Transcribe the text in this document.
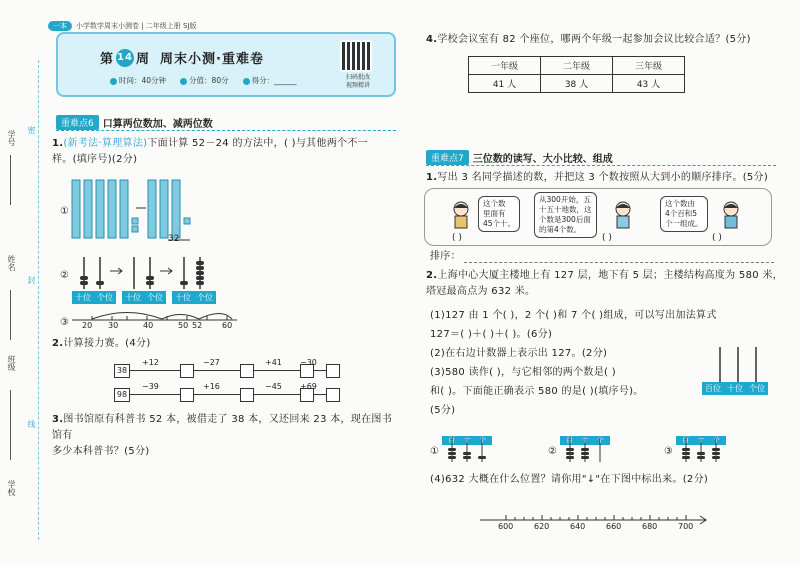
一本	小学数学周末小测卷 | 二年级上册 SJ版
学号
姓名
班级
学校
密
封
线
第 14 周 周末小测·重难卷
时间：40分钟	分值：80分	得分：______	扫码批改
视频精讲
重难点6 口算两位数加、减两位数
1.(新考法·算理算法)下面计算 52－24 的方法中，( )与其他两个不一
样。(填序号)(2分)
①
32
②
十位 个位 十位 个位 十位 个位
③ 20 30	40	50 52 60
2.计算接力赛。(4分)
38
+12	−27	+41 −30
98
−39	+16	−45 +69
3.图书馆原有科普书 52 本，被借走了 38 本，又还回来 23 本，现在图书馆有
多少本科普书？(5分)
4.学校会议室有 82 个座位，哪两个年级一起参加会议比较合适？(5分)
一年级	二年级	三年级
41 人	38 人	43 人
重难点7 三位数的读写、大小比较、组成
1.写出 3 名同学描述的数，并把这 3 个数按照从大到小的顺序排序。(5分)
这个数
里面有
45个十。
( )
从300开始，五
十五十地数，这
个数是300后面
的第4个数。
( )
这个数由
4个百和5
个一组成。
( )
排序：
2.上海中心大厦主楼地上有 127 层，地下有 5 层；主楼结构高度为 580 米，
塔冠最高点为 632 米。
(1)127 由 1 个( )，2 个( )和 7 个( )组成，可以写出加法算式
127＝( )＋( )＋( )。(6分)
(2)在右边计数器上表示出 127。(2分)
(3)580 读作( )，与它相邻的两个数是( )
和( )。下面能正确表示 580 的是( )(填序号)。
(5分)
百位 十位 个位
①
百 十 个
②
百 十 个
③
百 十 个
(4)632 大概在什么位置？请你用"↓"在下图中标出来。(2分)
600	620	640	660	680	700
